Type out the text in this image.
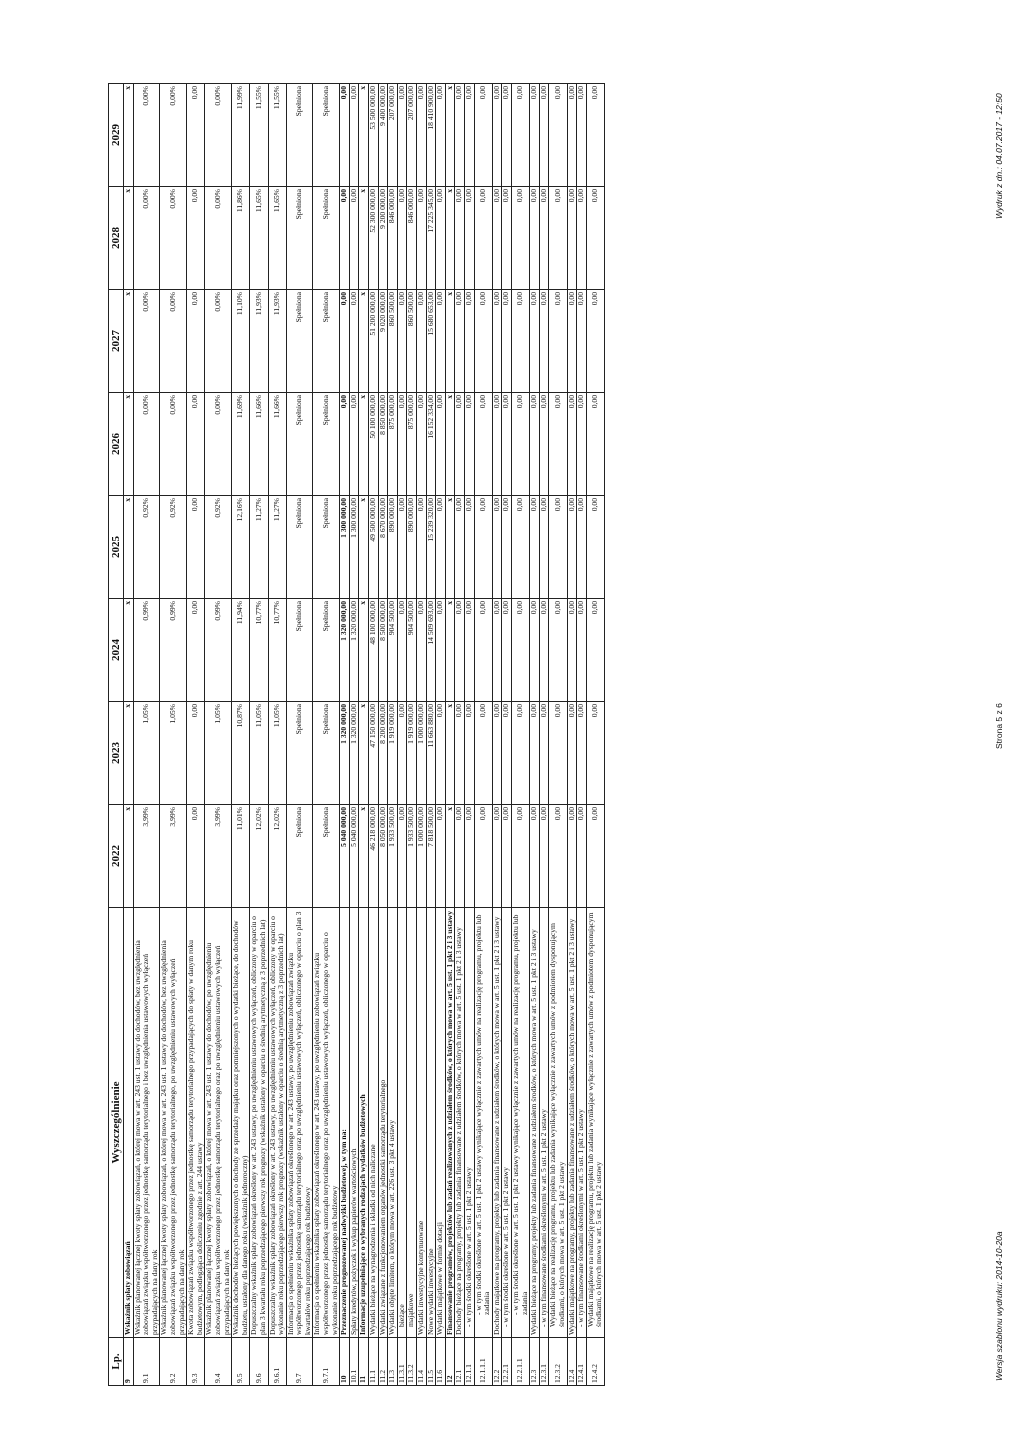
Lp.	Wyszczególnienie	2022	2023	2024	2025	2026	2027	2028	2029
9	Wskaźnik spłaty zobowiązań	x	x	x	x	x	x	x	x
9.1	Wskaźnik planowanej łącznej kwoty spłaty zobowiązań, o której mowa w art. 243 ust. 1 ustawy do dochodów, bez uwzględnienia zobowiązań związku współtworzonego przez jednostkę samorządu terytorialnego i bez uwzględnienia ustawowych wyłączeń przypadających na dany rok	3,99%	1,05%	0,99%	0,92%	0,00%	0,00%	0,00%	0,00%
9.2	Wskaźnik planowanej łącznej kwoty spłaty zobowiązań, o której mowa w art. 243 ust. 1 ustawy do dochodów, bez uwzględnienia zobowiązań związku współtworzonego przez jednostkę samorządu terytorialnego, po uwzględnieniu ustawowych wyłączeń przypadających na dany rok	3,99%	1,05%	0,99%	0,92%	0,00%	0,00%	0,00%	0,00%
9.3	Kwota zobowiązań związku współtworzonego przez jednostkę samorządu terytorialnego przypadających do spłaty w danym roku budżetowym, podlegająca doliczeniu zgodnie z art. 244 ustawy	0,00	0,00	0,00	0,00	0,00	0,00	0,00	0,00
9.4	Wskaźnik planowanej łącznej kwoty spłaty zobowiązań, o której mowa w art. 243 ust. 1 ustawy do dochodów, po uwzględnieniu zobowiązań związku współtworzonego przez jednostkę samorządu terytorialnego oraz po uwzględnieniu ustawowych wyłączeń przypadających na dany rok	3,99%	1,05%	0,99%	0,92%	0,00%	0,00%	0,00%	0,00%
9.5	Wskaźnik dochodów bieżących powiększonych o dochody ze sprzedaży majątku oraz pomniejszonych o wydatki bieżące, do dochodów budżetu, ustalony dla danego roku (wskaźnik jednoroczny)	11,01%	10,87%	11,94%	12,16%	11,69%	11,10%	11,86%	11,99%
9.6	Dopuszczalny wskaźnik spłaty zobowiązań określony w art. 243 ustawy, po uwzględnieniu ustawowych wyłączeń, obliczony w oparciu o plan 3 kwartału roku poprzedzającego pierwszy rok prognozy (wskaźnik ustalony w oparciu o średnią arytmetyczną z 3 poprzednich lat)	12,02%	11,05%	10,77%	11,27%	11,66%	11,93%	11,65%	11,55%
9.6.1	Dopuszczalny wskaźnik spłaty zobowiązań określony w art. 243 ustawy, po uwzględnieniu ustawowych wyłączeń, obliczony w oparciu o wykonanie roku poprzedzającego pierwszy rok prognozy (wskaźnik ustalony w oparciu o średnią arytmetyczną z 3 poprzednich lat)	12,02%	11,05%	10,77%	11,27%	11,66%	11,93%	11,65%	11,55%
9.7	Informacja o spełnieniu wskaźnika spłaty zobowiązań określonego w art. 243 ustawy, po uwzględnieniu zobowiązań związku współtworzonego przez jednostkę samorządu terytorialnego oraz po uwzględnieniu ustawowych wyłączeń, obliczonego w oparciu o plan 3 kwartałów roku poprzedzającego rok budżetowy	Spełniona	Spełniona	Spełniona	Spełniona	Spełniona	Spełniona	Spełniona	Spełniona
9.7.1	Informacja o spełnieniu wskaźnika spłaty zobowiązań określonego w art. 243 ustawy, po uwzględnieniu zobowiązań związku współtworzonego przez jednostkę samorządu terytorialnego oraz po uwzględnieniu ustawowych wyłączeń, obliczonego w oparciu o wykonanie roku poprzedzającego rok budżetowy	Spełniona	Spełniona	Spełniona	Spełniona	Spełniona	Spełniona	Spełniona	Spełniona
10	Przeznaczenie prognozowanej nadwyżki budżetowej, w tym na:	5 040 000,00	1 320 000,00	1 320 000,00	1 300 000,00	0,00	0,00	0,00	0,00
10.1	Spłaty kredytów, pożyczek i wykup papierów wartościowych	5 040 000,00	1 320 000,00	1 320 000,00	1 300 000,00	0,00	0,00	0,00	0,00
11	Informacje uzupełniające o wybranych rodzajach wydatków budżetowych	x	x	x	x	x	x	x	x
11.1	Wydatki bieżące na wynagrodzenia i składki od nich naliczane	46 218 000,00	47 150 000,00	48 100 000,00	49 500 000,00	50 100 000,00	51 200 000,00	52 300 000,00	53 500 000,00
11.2	Wydatki związane z funkcjonowaniem organów jednostki samorządu terytorialnego	8 050 000,00	8 200 000,00	8 500 000,00	8 670 000,00	8 850 000,00	9 020 000,00	9 200 000,00	9 400 000,00
11.3	Wydatki objęte limitem, o którym mowa w art. 226 ust. 3 pkt 4 ustawy	1 933 500,00	1 919 000,00	904 500,00	890 000,00	875 000,00	860 500,00	846 000,00	207 000,00
11.3.1	bieżące	0,00	0,00	0,00	0,00	0,00	0,00	0,00	0,00
11.3.2	majątkowe	1 933 500,00	1 919 000,00	904 500,00	890 000,00	875 000,00	860 500,00	846 000,00	207 000,00
11.4	Wydatki inwestycyjne kontynuowane	1 000 000,00	1 000 000,00	0,00	0,00	0,00	0,00	0,00	0,00
11.5	Nowe wydatki inwestycyjne	7 818 500,00	11 663 880,00	14 509 693,00	15 239 320,00	16 152 334,00	15 680 653,00	17 225 345,00	18 410 900,00
11.6	Wydatki majątkowe w formie dotacji	0,00	0,00	0,00	0,00	0,00	0,00	0,00	0,00
12	Finansowanie programów, projektów lub zadań realizowanych z udziałem środków, o których mowa w art. 5 ust. 1 pkt 2 i 3 ustawy	x	x	x	x	x	x	x	x
12.1	Dochody bieżące na programy, projekty lub zadania finansowane z udziałem środków, o których mowa w art. 5 ust. 1 pkt 2 i 3 ustawy	0,00	0,00	0,00	0,00	0,00	0,00	0,00	0,00
12.1.1	- w tym środki określone w art. 5 ust. 1 pkt 2 ustawy	0,00	0,00	0,00	0,00	0,00	0,00	0,00	0,00
12.1.1.1	- w tym środki określone w art. 5 ust. 1 pkt 2 ustawy wynikające wyłącznie z zawartych umów na realizację programu, projektu lub zadania	0,00	0,00	0,00	0,00	0,00	0,00	0,00	0,00
12.2	Dochody majątkowe na programy, projekty lub zadania finansowane z udziałem środków, o których mowa w art. 5 ust. 1 pkt 2 i 3 ustawy	0,00	0,00	0,00	0,00	0,00	0,00	0,00	0,00
12.2.1	- w tym środki określone w art. 5 ust. 1 pkt 2 ustawy	0,00	0,00	0,00	0,00	0,00	0,00	0,00	0,00
12.2.1.1	- w tym środki określone w art. 5 ust. 1 pkt 2 ustawy wynikające wyłącznie z zawartych umów na realizację programu, projektu lub zadania	0,00	0,00	0,00	0,00	0,00	0,00	0,00	0,00
12.3	Wydatki bieżące na programy, projekty lub zadania finansowane z udziałem środków, o których mowa w art. 5 ust. 1 pkt 2 i 3 ustawy	0,00	0,00	0,00	0,00	0,00	0,00	0,00	0,00
12.3.1	- w tym finansowane środkami określonymi w art. 5 ust. 1 pkt 2 ustawy	0,00	0,00	0,00	0,00	0,00	0,00	0,00	0,00
12.3.2	Wydatki bieżące na realizację programu, projektu lub zadania wynikające wyłącznie z zawartych umów z podmiotem dysponującym środkami, o których mowa w art. 5 ust. 1 pkt 2 ustawy	0,00	0,00	0,00	0,00	0,00	0,00	0,00	0,00
12.4	Wydatki majątkowe na programy, projekty lub zadania finansowane z udziałem środków, o których mowa w art. 5 ust. 1 pkt 2 i 3 ustawy	0,00	0,00	0,00	0,00	0,00	0,00	0,00	0,00
12.4.1	- w tym finansowane środkami określonymi w art. 5 ust. 1 pkt 2 ustawy	0,00	0,00	0,00	0,00	0,00	0,00	0,00	0,00
12.4.2	Wydatki majątkowe na realizację programu, projektu lub zadania wynikające wyłącznie z zawartych umów z podmiotem dysponującym środkami, o których mowa w art. 5 ust. 1 pkt 2 ustawy	0,00	0,00	0,00	0,00	0,00	0,00	0,00	0,00
Wersja szablonu wydruku: 2014-10-20a
Strona 5 z 6
Wydruk z dn.: 04.07.2017 - 12:50
